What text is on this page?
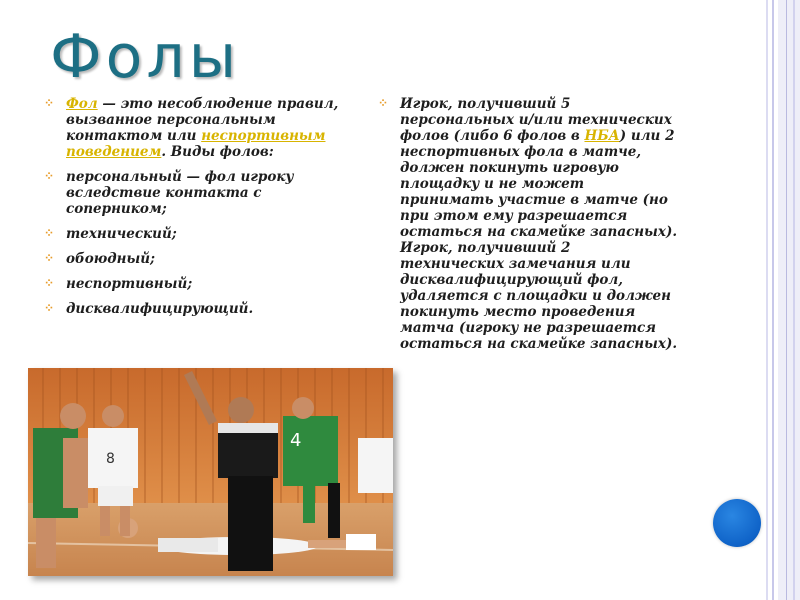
Фолы
⁘ Фол — это несоблюдение правил, вызванное персональным контактом или неспортивным поведением. Виды фолов:
⁘ персональный — фол игроку вследствие контакта с соперником;
⁘ технический;
⁘ обоюдный;
⁘ неспортивный;
⁘ дисквалифицирующий.
⁘ Игрок, получивший 5 персональных и/или технических фолов (либо 6 фолов в НБА) или 2 неспортивных фола в матче, должен покинуть игровую площадку и не может принимать участие в матче (но при этом ему разрешается остаться на скамейке запасных). Игрок, получивший 2 технических замечания или дисквалифицирующий фол, удаляется с площадки и должен покинуть место проведения матча (игроку не разрешается остаться на скамейке запасных).
8
4
